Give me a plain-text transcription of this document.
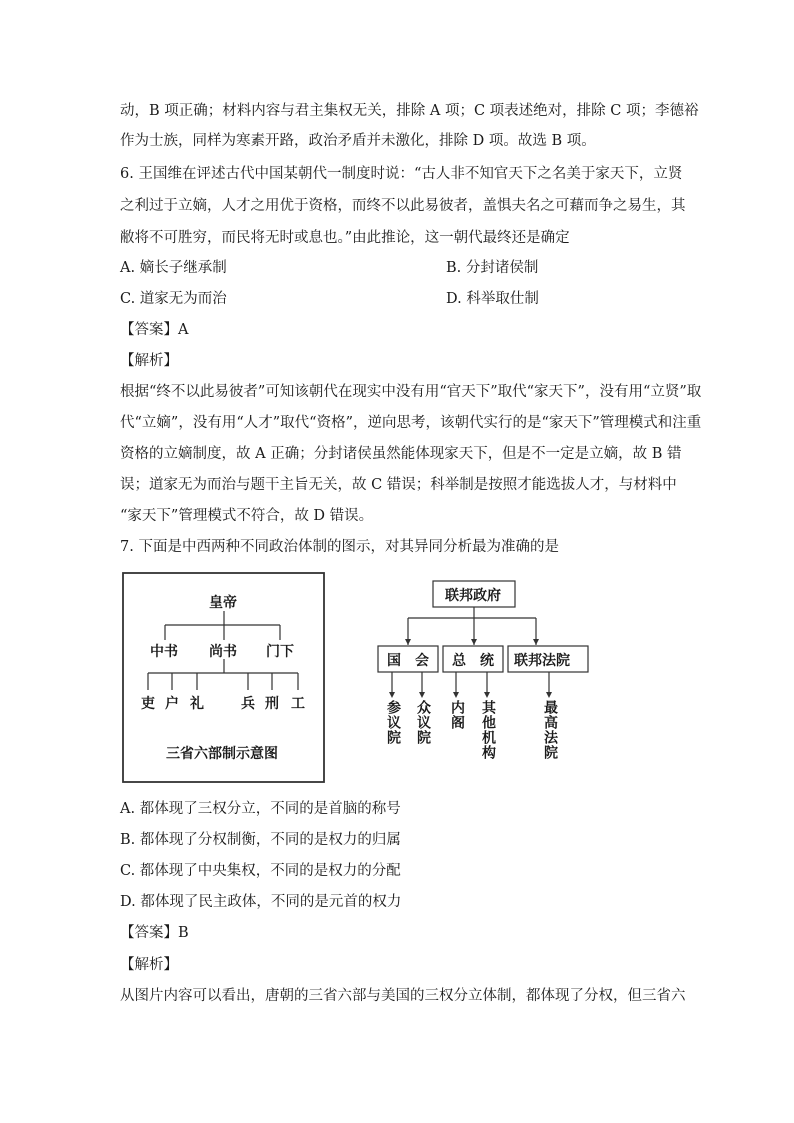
动，B 项正确；材料内容与君主集权无关，排除 A 项；C 项表述绝对，排除 C 项；李德裕
作为士族，同样为寒素开路，政治矛盾并未激化，排除 D 项。故选 B 项。
6. 王国维在评述古代中国某朝代一制度时说：“古人非不知官天下之名美于家天下，立贤
之利过于立嫡，人才之用优于资格，而终不以此易彼者，盖惧夫名之可藉而争之易生，其
敝将不可胜穷，而民将无时或息也。”由此推论，这一朝代最终还是确定
A. 嫡长子继承制	B. 分封诸侯制
C. 道家无为而治	D. 科举取仕制
【答案】A
【解析】
根据“终不以此易彼者”可知该朝代在现实中没有用“官天下”取代“家天下”，没有用“立贤”取
代“立嫡”，没有用“人才”取代“资格”，逆向思考，该朝代实行的是“家天下”管理模式和注重
资格的立嫡制度，故 A 正确；分封诸侯虽然能体现家天下，但是不一定是立嫡，故 B 错
误；道家无为而治与题干主旨无关，故 C 错误；科举制是按照才能选拔人才，与材料中
“家天下”管理模式不符合，故 D 错误。
7. 下面是中西两种不同政治体制的图示，对其异同分析最为准确的是
皇帝
中书 尚书 门下
吏 户 礼	兵 刑 工
三省六部制示意图
联邦政府
国　会 总　统 联邦法院
参议院 众议院 内阁 其他机构	最高法院
A. 都体现了三权分立，不同的是首脑的称号
B. 都体现了分权制衡，不同的是权力的归属
C. 都体现了中央集权，不同的是权力的分配
D. 都体现了民主政体，不同的是元首的权力
【答案】B
【解析】
从图片内容可以看出，唐朝的三省六部与美国的三权分立体制，都体现了分权，但三省六
